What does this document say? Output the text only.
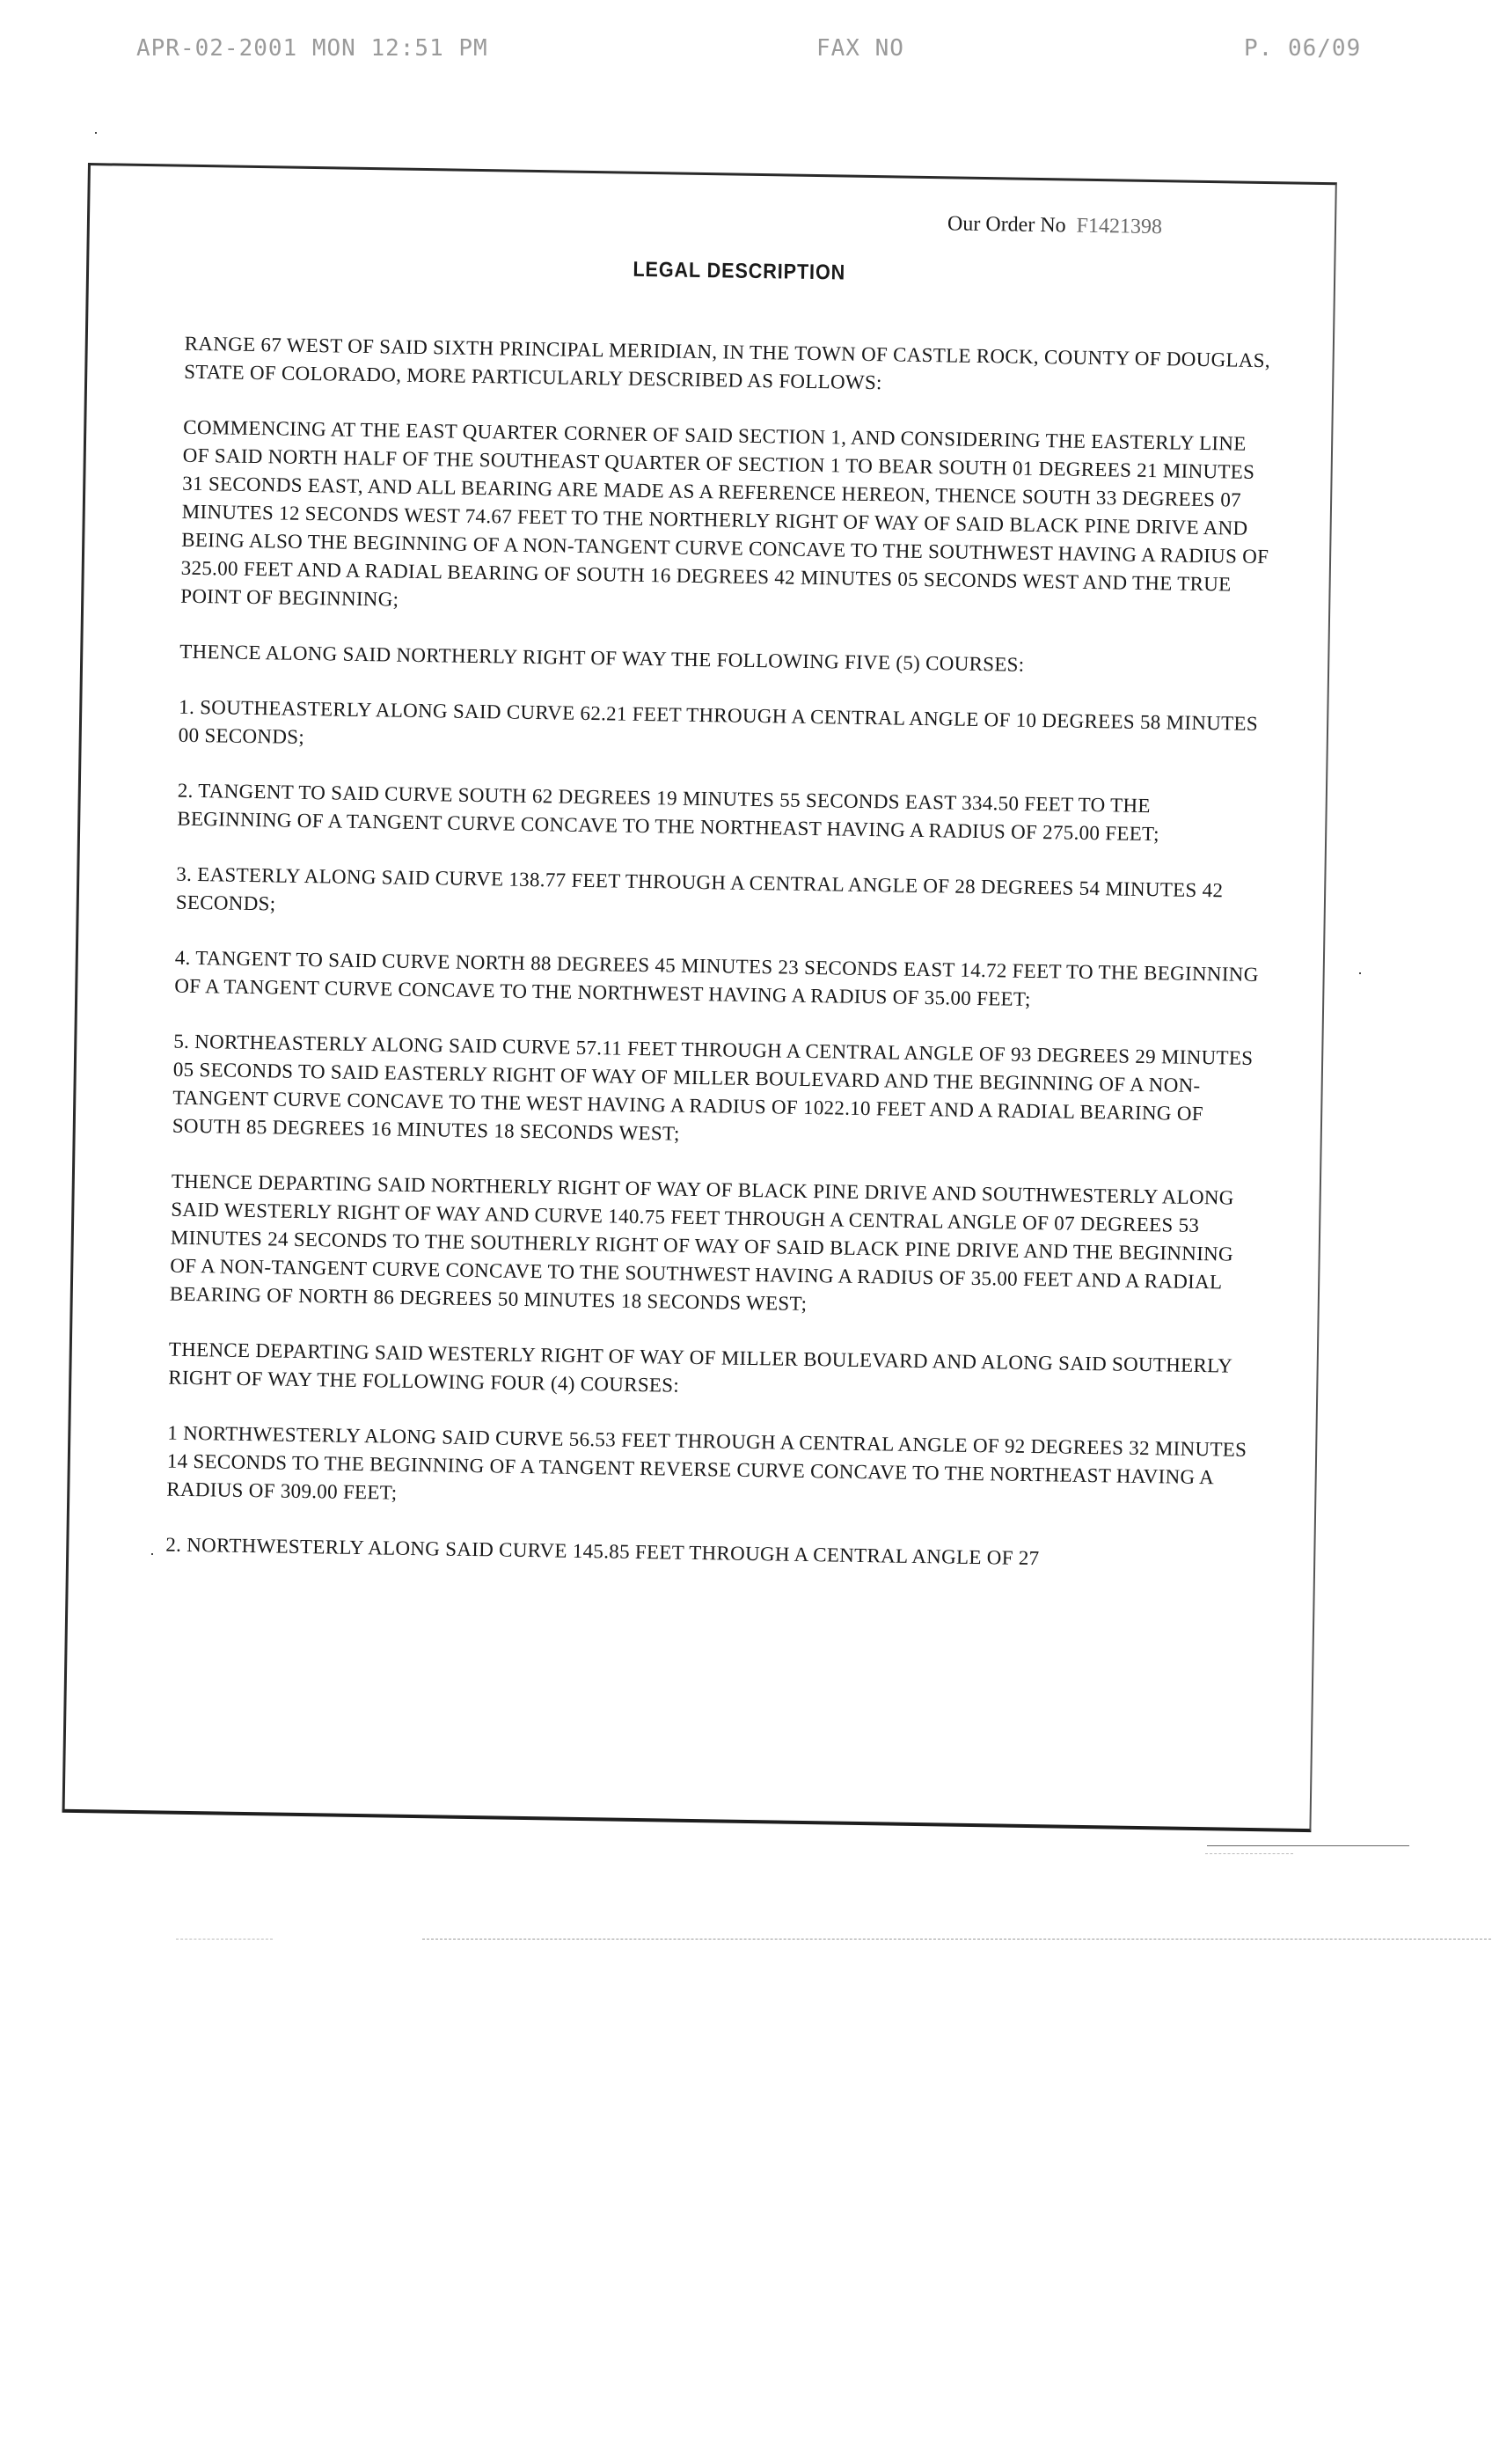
APR-02-2001 MON 12:51 PM	FAX NO	P. 06/09
Our Order No F1421398
LEGAL DESCRIPTION

RANGE 67 WEST OF SAID SIXTH PRINCIPAL MERIDIAN, IN THE TOWN OF CASTLE ROCK, COUNTY OF DOUGLAS, STATE OF COLORADO, MORE PARTICULARLY DESCRIBED AS FOLLOWS:

COMMENCING AT THE EAST QUARTER CORNER OF SAID SECTION 1, AND CONSIDERING THE EASTERLY LINE OF SAID NORTH HALF OF THE SOUTHEAST QUARTER OF SECTION 1 TO BEAR SOUTH 01 DEGREES 21 MINUTES 31 SECONDS EAST, AND ALL BEARING ARE MADE AS A REFERENCE HEREON, THENCE SOUTH 33 DEGREES 07 MINUTES 12 SECONDS WEST 74.67 FEET TO THE NORTHERLY RIGHT OF WAY OF SAID BLACK PINE DRIVE AND BEING ALSO THE BEGINNING OF A NON-TANGENT CURVE CONCAVE TO THE SOUTHWEST HAVING A RADIUS OF 325.00 FEET AND A RADIAL BEARING OF SOUTH 16 DEGREES 42 MINUTES 05 SECONDS WEST AND THE TRUE POINT OF BEGINNING;

THENCE ALONG SAID NORTHERLY RIGHT OF WAY THE FOLLOWING FIVE (5) COURSES:

1. SOUTHEASTERLY ALONG SAID CURVE 62.21 FEET THROUGH A CENTRAL ANGLE OF 10 DEGREES 58 MINUTES 00 SECONDS;

2. TANGENT TO SAID CURVE SOUTH 62 DEGREES 19 MINUTES 55 SECONDS EAST 334.50 FEET TO THE BEGINNING OF A TANGENT CURVE CONCAVE TO THE NORTHEAST HAVING A RADIUS OF 275.00 FEET;

3. EASTERLY ALONG SAID CURVE 138.77 FEET THROUGH A CENTRAL ANGLE OF 28 DEGREES 54 MINUTES 42 SECONDS;

4. TANGENT TO SAID CURVE NORTH 88 DEGREES 45 MINUTES 23 SECONDS EAST 14.72 FEET TO THE BEGINNING OF A TANGENT CURVE CONCAVE TO THE NORTHWEST HAVING A RADIUS OF 35.00 FEET;

5. NORTHEASTERLY ALONG SAID CURVE 57.11 FEET THROUGH A CENTRAL ANGLE OF 93 DEGREES 29 MINUTES 05 SECONDS TO SAID EASTERLY RIGHT OF WAY OF MILLER BOULEVARD AND THE BEGINNING OF A NON-TANGENT CURVE CONCAVE TO THE WEST HAVING A RADIUS OF 1022.10 FEET AND A RADIAL BEARING OF SOUTH 85 DEGREES 16 MINUTES 18 SECONDS WEST;

THENCE DEPARTING SAID NORTHERLY RIGHT OF WAY OF BLACK PINE DRIVE AND SOUTHWESTERLY ALONG SAID WESTERLY RIGHT OF WAY AND CURVE 140.75 FEET THROUGH A CENTRAL ANGLE OF 07 DEGREES 53 MINUTES 24 SECONDS TO THE SOUTHERLY RIGHT OF WAY OF SAID BLACK PINE DRIVE AND THE BEGINNING OF A NON-TANGENT CURVE CONCAVE TO THE SOUTHWEST HAVING A RADIUS OF 35.00 FEET AND A RADIAL BEARING OF NORTH 86 DEGREES 50 MINUTES 18 SECONDS WEST;

THENCE DEPARTING SAID WESTERLY RIGHT OF WAY OF MILLER BOULEVARD AND ALONG SAID SOUTHERLY RIGHT OF WAY THE FOLLOWING FOUR (4) COURSES:

1 NORTHWESTERLY ALONG SAID CURVE 56.53 FEET THROUGH A CENTRAL ANGLE OF 92 DEGREES 32 MINUTES 14 SECONDS TO THE BEGINNING OF A TANGENT REVERSE CURVE CONCAVE TO THE NORTHEAST HAVING A RADIUS OF 309.00 FEET;

2. NORTHWESTERLY ALONG SAID CURVE 145.85 FEET THROUGH A CENTRAL ANGLE OF 27
